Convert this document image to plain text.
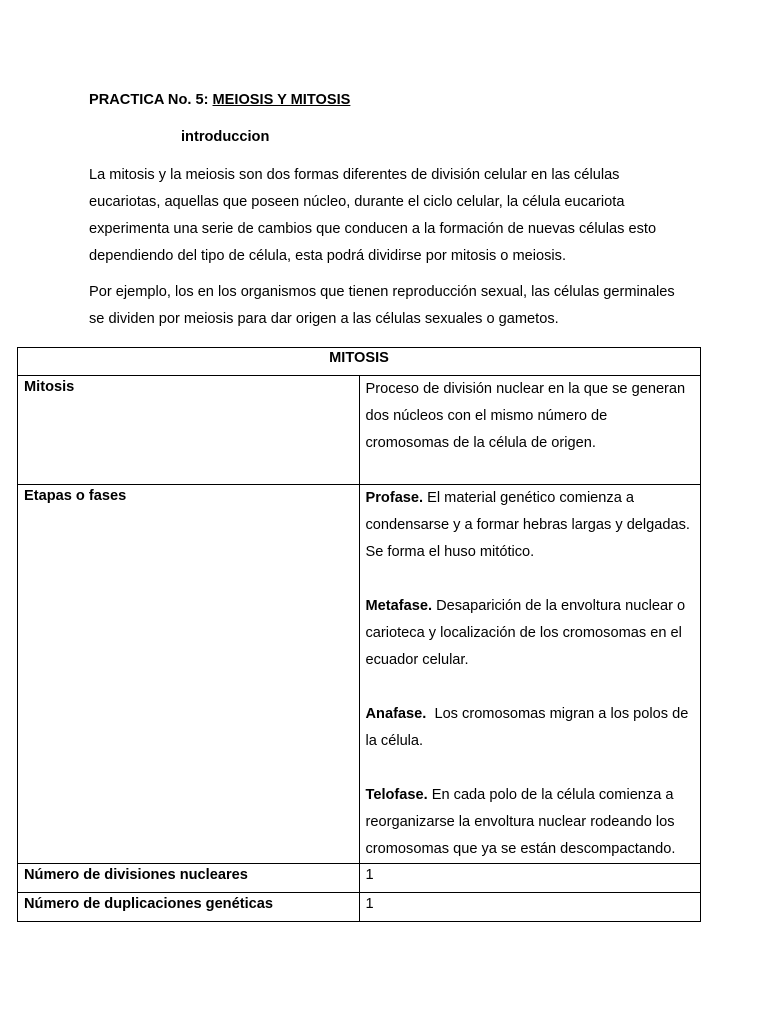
PRACTICA No. 5: MEIOSIS Y MITOSIS
introduccion

La mitosis y la meiosis son dos formas diferentes de división celular en las células eucariotas, aquellas que poseen núcleo, durante el ciclo celular, la célula eucariota experimenta una serie de cambios que conducen a la formación de nuevas células esto dependiendo del tipo de célula, esta podrá dividirse por mitosis o meiosis.

Por ejemplo, los en los organismos que tienen reproducción sexual, las células germinales se dividen por meiosis para dar origen a las células sexuales o gametos.

MITOSIS	
Mitosis	Proceso de división nuclear en la que se generan dos núcleos con el mismo número de cromosomas de la célula de origen.
Etapas o fases	Profase. El material genético comienza a condensarse y a formar hebras largas y delgadas. Se forma el huso mitótico.

Metafase. Desaparición de la envoltura nuclear o carioteca y localización de los cromosomas en el ecuador celular.

Anafase.  Los cromosomas migran a los polos de la célula.

Telofase. En cada polo de la célula comienza a reorganizarse la envoltura nuclear rodeando los cromosomas que ya se están descompactando.

Número de divisiones nucleares	1
Número de duplicaciones genéticas	1
